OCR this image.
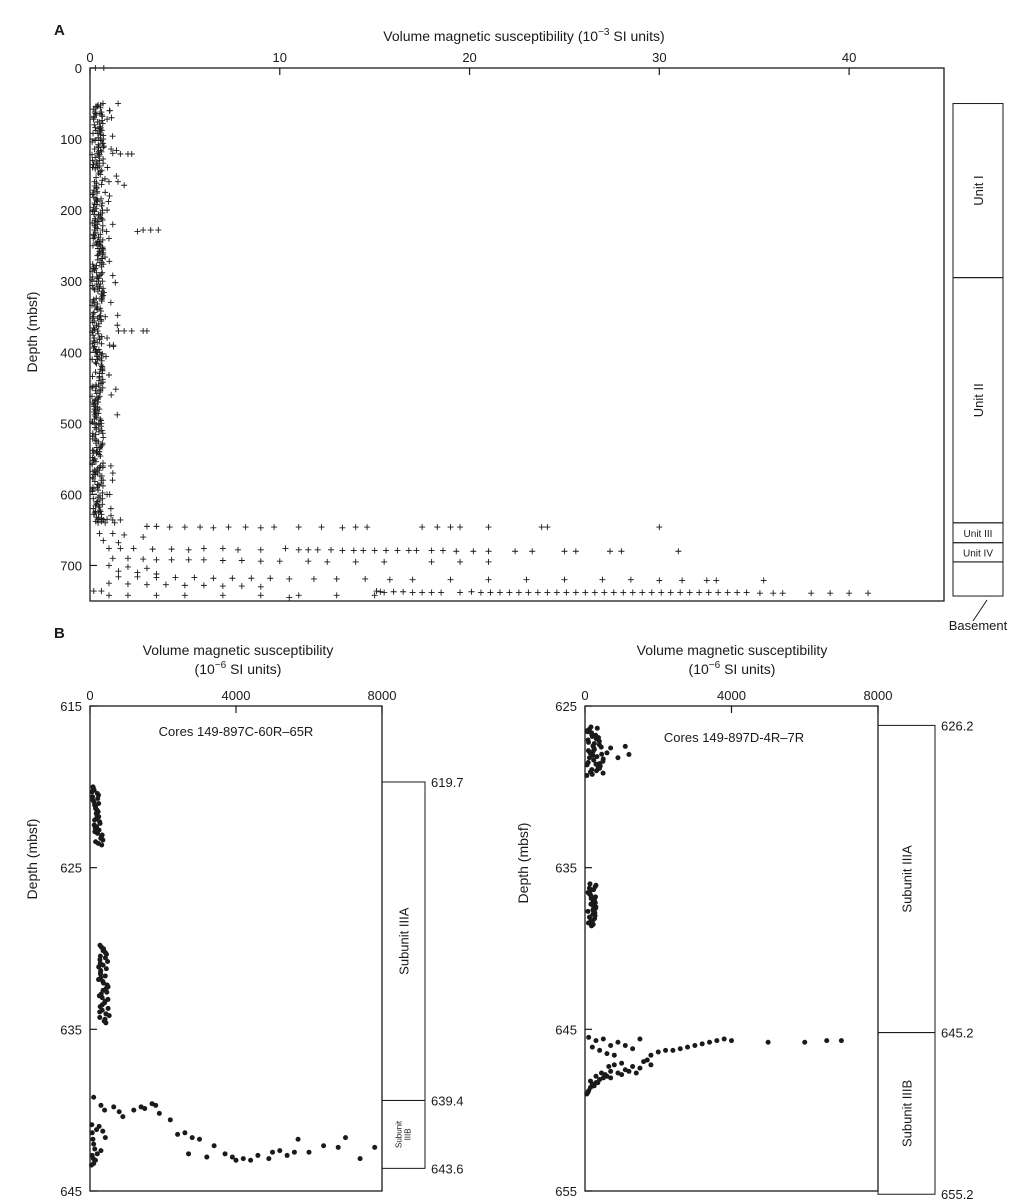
A	Volume magnetic susceptibility ($10^{-3}$ SI units)
Depth (mbsf)
0	10	20	30	40
0
100
200
300
400
500
600
700
Unit I
Unit II
Unit III
Unit IV
Basement
B
Volume magnetic susceptibility
($10^{-6}$ SI units)
Depth (mbsf)
Cores 149-897C-60R–65R
0	4000	8000
615
625
635
645
Subunit IIIA
SubunitIIIB
619.7
639.4
643.6
Volume magnetic susceptibility
($10^{-6}$ SI units)
Depth (mbsf)
Cores 149-897D-4R–7R
0	4000	8000
625
635
645
655
Subunit IIIA
Subunit IIIB
626.2
645.2
655.2
